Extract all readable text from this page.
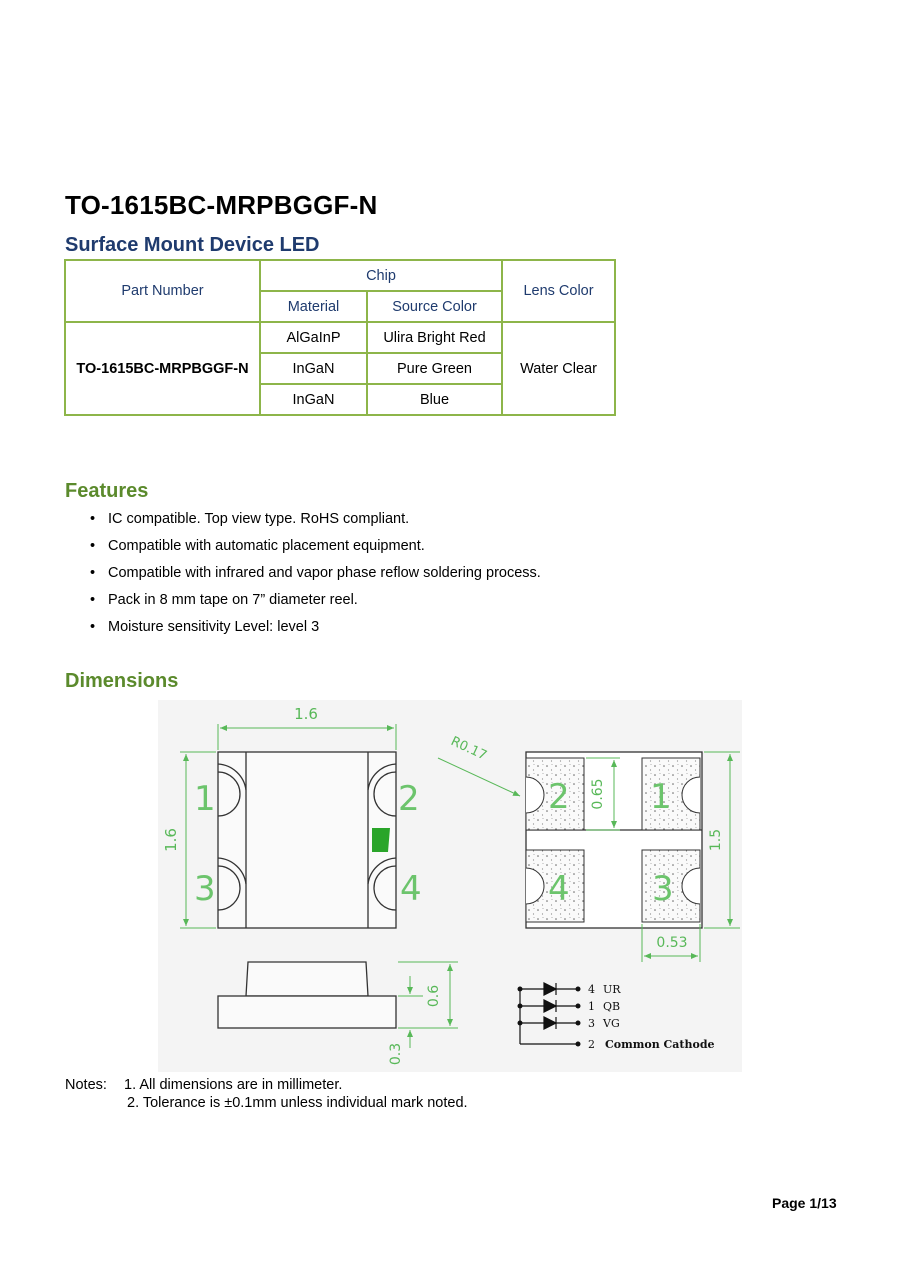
TO-1615BC-MRPBGGF-N
Surface Mount Device LED
Part Number	Chip		Lens Color
	Material	Source Color	
TO-1615BC-MRPBGGF-N	AlGaInP	Ulira Bright Red	Water Clear
	InGaN	Pure Green	
	InGaN	Blue	
Features
• IC compatible. Top view type. RoHS compliant.
• Compatible with automatic placement equipment.
• Compatible with infrared and vapor phase reflow soldering process.
• Pack in 8 mm tape on 7” diameter reel.
• Moisture sensitivity Level: level 3
Dimensions
1.6
1.6
1	2
3	4
R0.17
2 1
4 3
0.65
1.5
0.53
0.6
0.3
4 UR
1 QB
3 VG
2 Common Cathode
Notes: 1. All dimensions are in millimeter.
2. Tolerance is ±0.1mm unless individual mark noted.
Page 1/13
